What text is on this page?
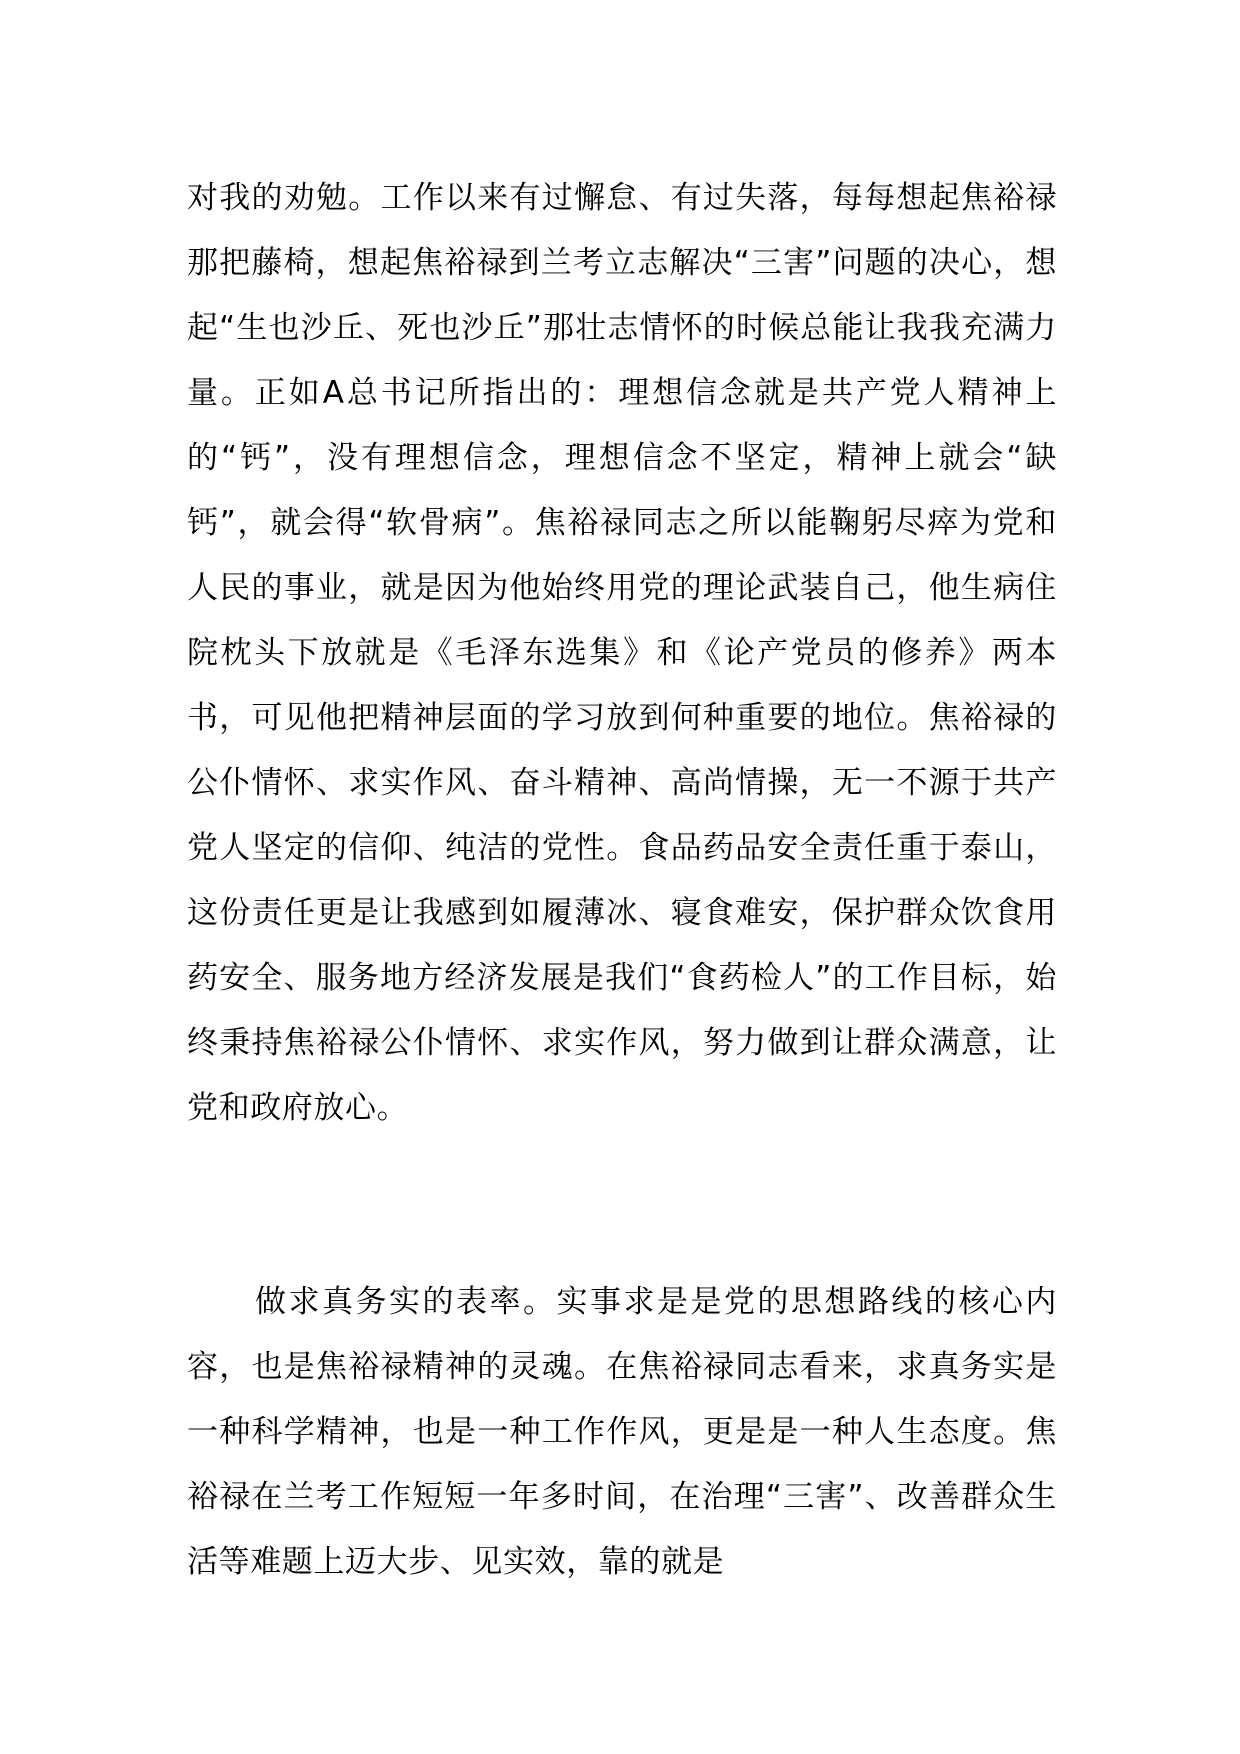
对我的劝勉。工作以来有过懈怠、有过失落，每每想起焦裕禄那把藤椅，想起焦裕禄到兰考立志解决“三害”问题的决心，想起“生也沙丘、死也沙丘”那壮志情怀的时候总能让我我充满力量。正如A总书记所指出的：理想信念就是共产党人精神上的“钙”，没有理想信念，理想信念不坚定，精神上就会“缺钙”，就会得“软骨病”。焦裕禄同志之所以能鞠躬尽瘁为党和人民的事业，就是因为他始终用党的理论武装自己，他生病住院枕头下放就是《毛泽东选集》和《论产党员的修养》两本书，可见他把精神层面的学习放到何种重要的地位。焦裕禄的公仆情怀、求实作风、奋斗精神、高尚情操，无一不源于共产党人坚定的信仰、纯洁的党性。食品药品安全责任重于泰山，这份责任更是让我感到如履薄冰、寝食难安，保护群众饮食用药安全、服务地方经济发展是我们“食药检人”的工作目标，始终秉持焦裕禄公仆情怀、求实作风，努力做到让群众满意，让党和政府放心。

做求真务实的表率。实事求是是党的思想路线的核心内容，也是焦裕禄精神的灵魂。在焦裕禄同志看来，求真务实是一种科学精神，也是一种工作作风，更是是一种人生态度。焦裕禄在兰考工作短短一年多时间，在治理“三害”、改善群众生活等难题上迈大步、见实效，靠的就是
